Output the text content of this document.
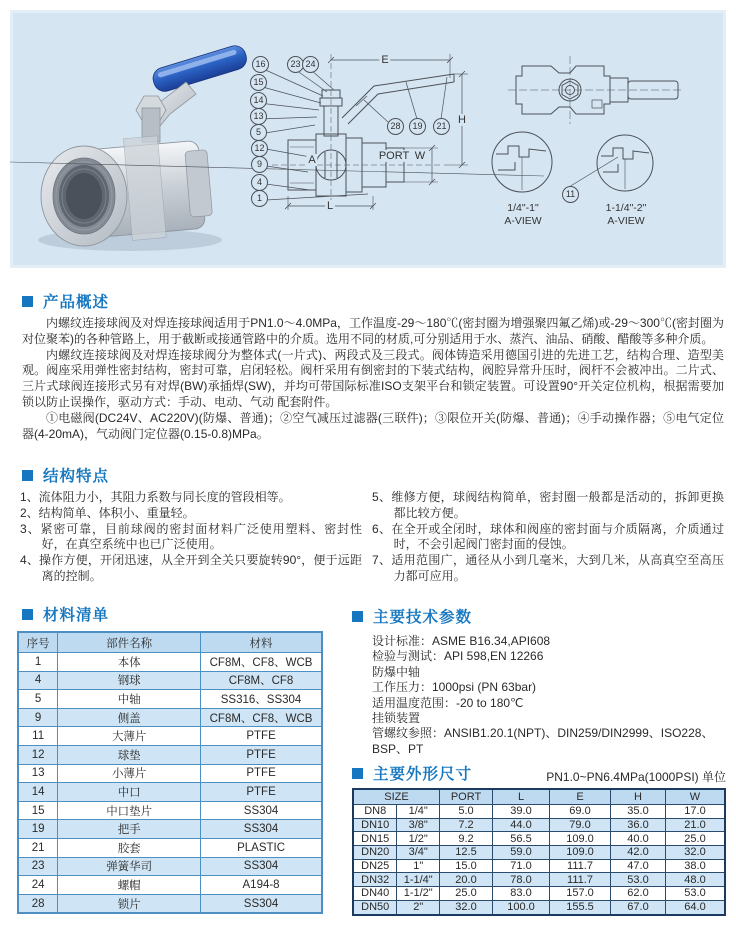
16
15
14
13
5
12
9
4
1
23 24
28	19	21
11
E
H
L
PORT W
A
1/4"-1"
A-VIEW
1-1/4"-2"
A-VIEW
产品概述
内螺纹连接球阀及对焊连接球阀适用于PN1.0～4.0MPa，工作温度-29～180℃(密封圈为增强聚四氟乙烯)或-29～300℃(密封圈为对位聚苯)的各种管路上，用于截断或接通管路中的介质。选用不同的材质,可分别适用于水、蒸汽、油品、硝酸、醋酸等多种介质。
内螺纹连接球阀及对焊连接球阀分为整体式(一片式)、两段式及三段式。阀体铸造采用德国引进的先进工艺，结构合理、造型美观。阀座采用弹性密封结构，密封可靠，启闭轻松。阀杆采用有倒密封的下装式结构，阀腔异常升压时，阀杆不会被冲出。二片式、三片式球阀连接形式另有对焊(BW)承插焊(SW)，并均可带国际标准ISO支架平台和锁定装置。可设置90°开关定位机构，根据需要加锁以防止误操作，驱动方式：手动、电动、气动 配套附件。
①电磁阀(DC24V、AC220V)(防爆、普通)；②空气减压过滤器(三联件)；③限位开关(防爆、普通)；④手动操作器；⑤电气定位器(4-20mA)，气动阀门定位器(0.15-0.8)MPa。
结构特点
1、流体阻力小，其阻力系数与同长度的管段相等。
2、结构简单、体积小、重量轻。
3、紧密可靠，目前球阀的密封面材料广泛使用塑料、密封性好，在真空系统中也已广泛使用。
4、操作方便，开闭迅速，从全开到全关只要旋转90°，便于远距离的控制。
5、维修方便，球阀结构简单，密封圈一般都是活动的，拆卸更换都比较方便。
6、在全开或全闭时，球体和阀座的密封面与介质隔离，介质通过时，不会引起阀门密封面的侵蚀。
7、适用范围广，通径从小到几毫米，大到几米，从高真空至高压力都可应用。
材料清单
序号	部件名称	材料
1	本体	CF8M、CF8、WCB
4	钢球	CF8M、CF8
5	中轴	SS316、SS304
9	侧盖	CF8M、CF8、WCB
11	大薄片	PTFE
12	球垫	PTFE
13	小薄片	PTFE
14	中口	PTFE
15	中口垫片	SS304
19	把手	SS304
21	胶套	PLASTIC
23	弹簧华司	SS304
24	螺帽	A194-8
28	锁片	SS304
主要技术参数
设计标准：ASME B16.34,API608
检验与测试：API 598,EN 12266
防爆中轴
工作压力：1000psi (PN 63bar)
适用温度范围：-20 to 180℃
挂锁装置
管螺纹参照：ANSIB1.20.1(NPT)、DIN259/DIN2999、ISO228、BSP、PT
主要外形尺寸	PN1.0~PN6.4MPa(1000PSI) 单位
SIZE		PORT	L	E	H	W
DN8	1/4"	5.0	39.0	69.0	35.0	17.0
DN10	3/8"	7.2	44.0	79.0	36.0	21.0
DN15	1/2"	9.2	56.5	109.0	40.0	25.0
DN20	3/4"	12.5	59.0	109.0	42.0	32.0
DN25	1"	15.0	71.0	111.7	47.0	38.0
DN32	1-1/4"	20.0	78.0	111.7	53.0	48.0
DN40	1-1/2"	25.0	83.0	157.0	62.0	53.0
DN50	2"	32.0	100.0	155.5	67.0	64.0
